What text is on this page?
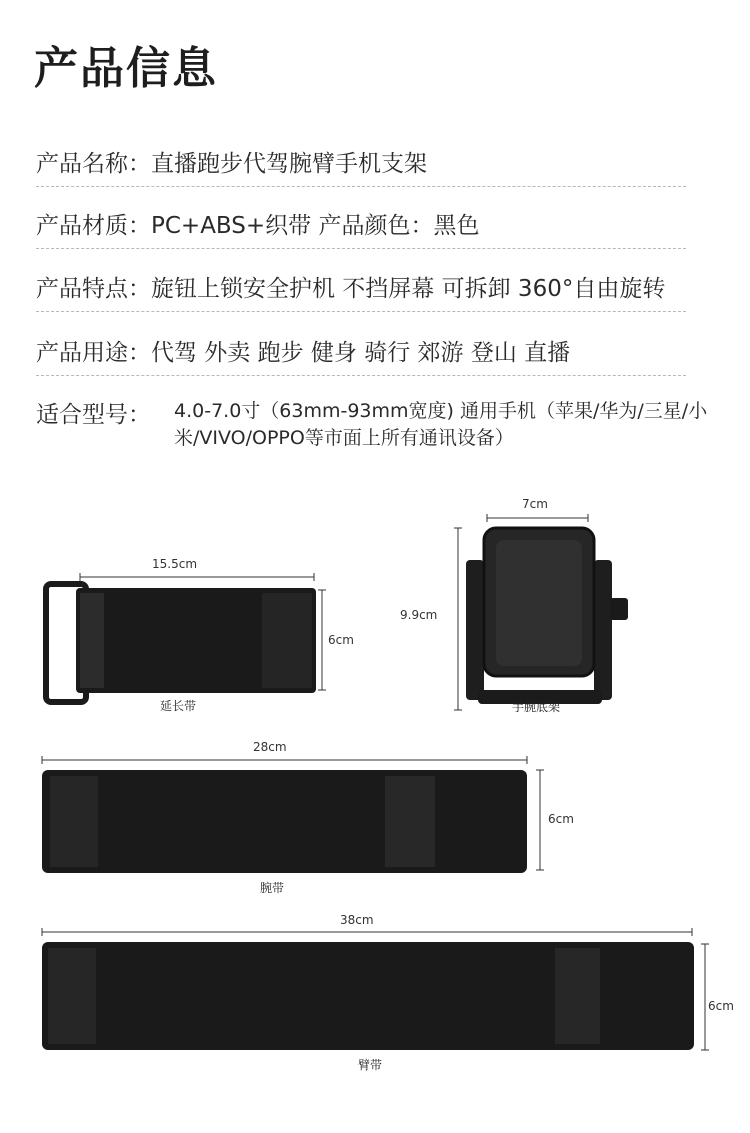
产品信息
产品名称：直播跑步代驾腕臂手机支架
产品材质：PC+ABS+织带 产品颜色：黑色
产品特点：旋钮上锁安全护机 不挡屏幕 可拆卸 360°自由旋转
产品用途：代驾 外卖 跑步 健身 骑行 郊游 登山 直播
适合型号： 4.0-7.0寸（63mm-93mm宽度) 通用手机（苹果/华为/三星/小米/VIVO/OPPO等市面上所有通讯设备）
15.5cm
6cm
延长带
7cm
9.9cm
手腕底架
28cm
6cm
腕带
38cm
6cm
臂带
